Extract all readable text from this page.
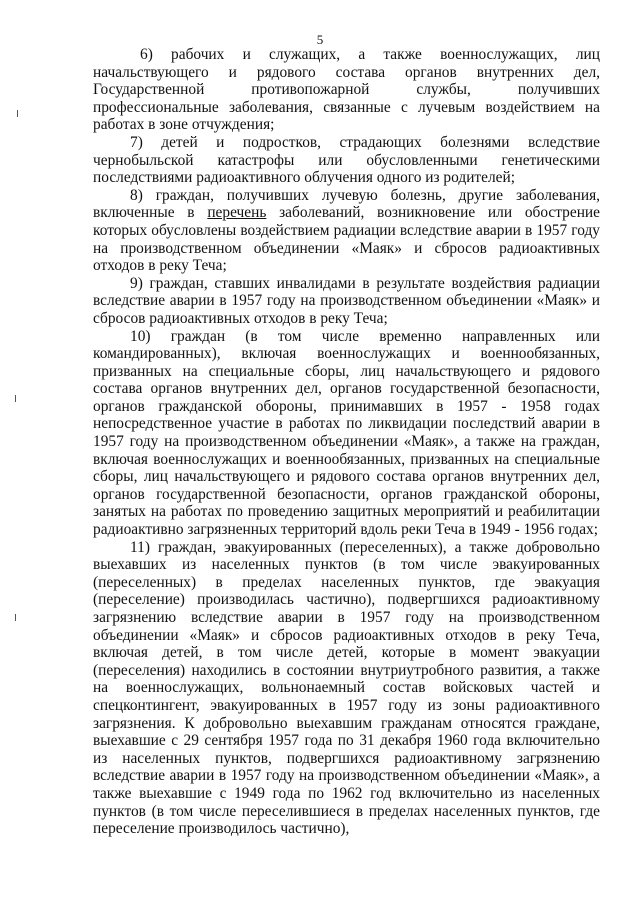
5

6) рабочих и служащих, а также военнослужащих, лиц начальствующего и рядового состава органов внутренних дел, Государственной противопожарной службы, получивших профессиональные заболевания, связанные с лучевым воздействием на работах в зоне отчуждения;

7) детей и подростков, страдающих болезнями вследствие чернобыльской катастрофы или обусловленными генетическими последствиями радиоактивного облучения одного из родителей;

8) граждан, получивших лучевую болезнь, другие заболевания, включенные в перечень заболеваний, возникновение или обострение которых обусловлены воздействием радиации вследствие аварии в 1957 году на производственном объединении «Маяк» и сбросов радиоактивных отходов в реку Теча;

9) граждан, ставших инвалидами в результате воздействия радиации вследствие аварии в 1957 году на производственном объединении «Маяк» и сбросов радиоактивных отходов в реку Теча;

10) граждан (в том числе временно направленных или командированных), включая военнослужащих и военнообязанных, призванных на специальные сборы, лиц начальствующего и рядового состава органов внутренних дел, органов государственной безопасности, органов гражданской обороны, принимавших в 1957 - 1958 годах непосредственное участие в работах по ликвидации последствий аварии в 1957 году на производственном объединении «Маяк», а также на граждан, включая военнослужащих и военнообязанных, призванных на специальные сборы, лиц начальствующего и рядового состава органов внутренних дел, органов государственной безопасности, органов гражданской обороны, занятых на работах по проведению защитных мероприятий и реабилитации радиоактивно загрязненных территорий вдоль реки Теча в 1949 - 1956 годах;

11) граждан, эвакуированных (переселенных), а также добровольно выехавших из населенных пунктов (в том числе эвакуированных (переселенных) в пределах населенных пунктов, где эвакуация (переселение) производилась частично), подвергшихся радиоактивному загрязнению вследствие аварии в 1957 году на производственном объединении «Маяк» и сбросов радиоактивных отходов в реку Теча, включая детей, в том числе детей, которые в момент эвакуации (переселения) находились в состоянии внутриутробного развития, а также на военнослужащих, вольнонаемный состав войсковых частей и спецконтингент, эвакуированных в 1957 году из зоны радиоактивного загрязнения. К добровольно выехавшим гражданам относятся граждане, выехавшие с 29 сентября 1957 года по 31 декабря 1960 года включительно из населенных пунктов, подвергшихся радиоактивному загрязнению вследствие аварии в 1957 году на производственном объединении «Маяк», а также выехавшие с 1949 года по 1962 год включительно из населенных пунктов (в том числе переселившиеся в пределах населенных пунктов, где переселение производилось частично),
